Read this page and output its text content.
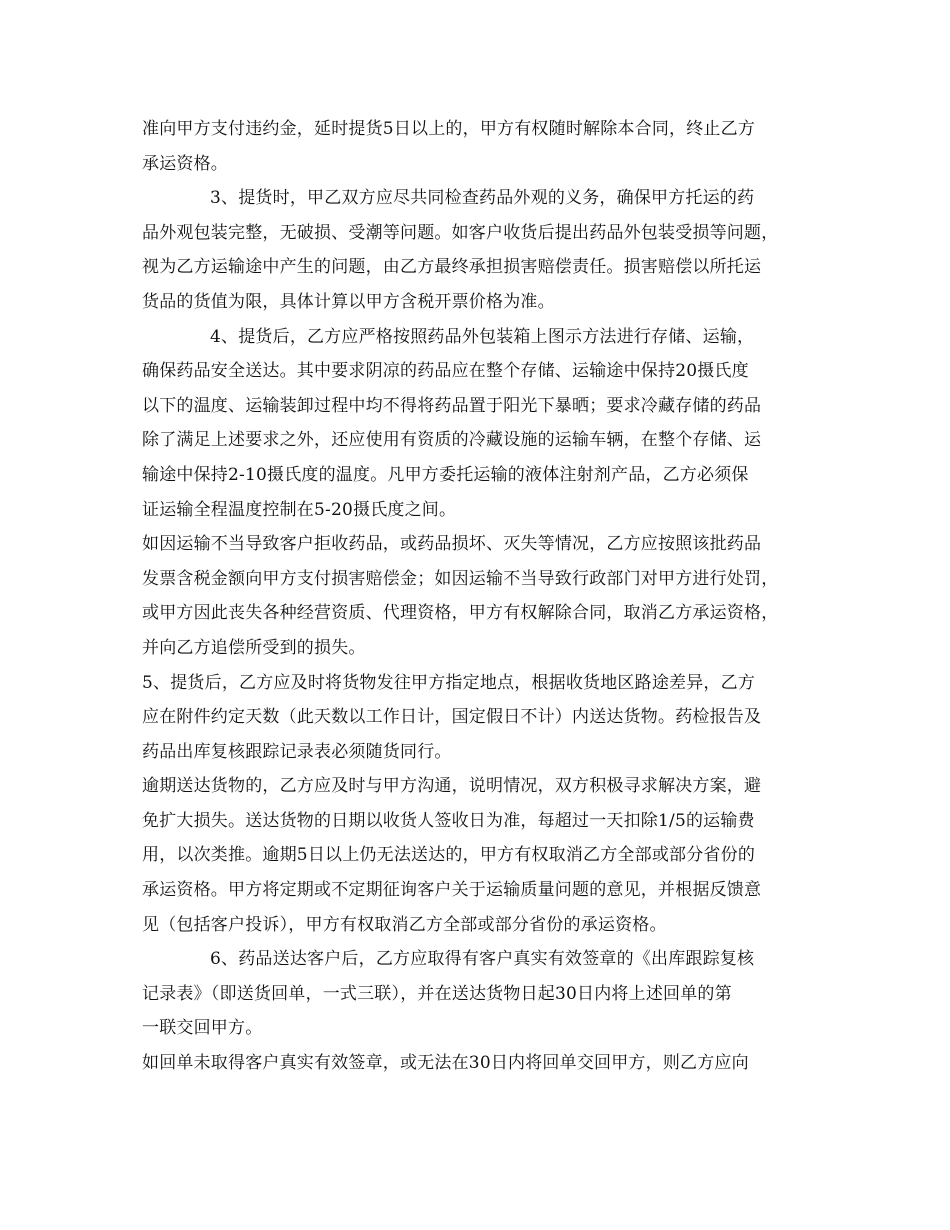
准向甲方支付违约金，延时提货5日以上的，甲方有权随时解除本合同，终止乙方
承运资格。
3、提货时，甲乙双方应尽共同检查药品外观的义务，确保甲方托运的药
品外观包装完整，无破损、受潮等问题。如客户收货后提出药品外包装受损等问题，
视为乙方运输途中产生的问题，由乙方最终承担损害赔偿责任。损害赔偿以所托运
货品的货值为限，具体计算以甲方含税开票价格为准。
4、提货后，乙方应严格按照药品外包装箱上图示方法进行存储、运输，
确保药品安全送达。其中要求阴凉的药品应在整个存储、运输途中保持20摄氏度
以下的温度、运输装卸过程中均不得将药品置于阳光下暴晒；要求冷藏存储的药品
除了满足上述要求之外，还应使用有资质的冷藏设施的运输车辆，在整个存储、运
输途中保持2-10摄氏度的温度。凡甲方委托运输的液体注射剂产品，乙方必须保
证运输全程温度控制在5-20摄氏度之间。
如因运输不当导致客户拒收药品，或药品损坏、灭失等情况，乙方应按照该批药品
发票含税金额向甲方支付损害赔偿金；如因运输不当导致行政部门对甲方进行处罚，
或甲方因此丧失各种经营资质、代理资格，甲方有权解除合同，取消乙方承运资格，
并向乙方追偿所受到的损失。
5、提货后，乙方应及时将货物发往甲方指定地点，根据收货地区路途差异，乙方
应在附件约定天数（此天数以工作日计，国定假日不计）内送达货物。药检报告及
药品出库复核跟踪记录表必须随货同行。
逾期送达货物的，乙方应及时与甲方沟通，说明情况，双方积极寻求解决方案，避
免扩大损失。送达货物的日期以收货人签收日为准，每超过一天扣除1/5的运输费
用，以次类推。逾期5日以上仍无法送达的，甲方有权取消乙方全部或部分省份的
承运资格。甲方将定期或不定期征询客户关于运输质量问题的意见，并根据反馈意
见（包括客户投诉），甲方有权取消乙方全部或部分省份的承运资格。
6、药品送达客户后，乙方应取得有客户真实有效签章的《出库跟踪复核
记录表》（即送货回单，一式三联），并在送达货物日起30日内将上述回单的第
一联交回甲方。
如回单未取得客户真实有效签章，或无法在30日内将回单交回甲方，则乙方应向
